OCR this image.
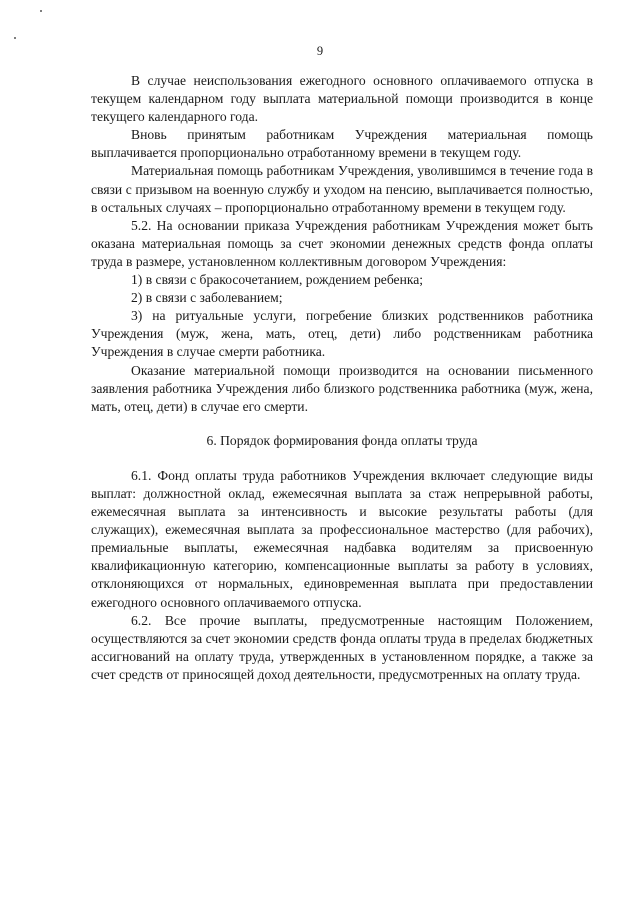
9

В случае неиспользования ежегодного основного оплачиваемого отпуска в текущем календарном году выплата материальной помощи производится в конце текущего календарного года.

Вновь принятым работникам Учреждения материальная помощь выплачивается пропорционально отработанному времени в текущем году.

Материальная помощь работникам Учреждения, уволившимся в течение года в связи с призывом на военную службу и уходом на пенсию, выплачивается полностью, в остальных случаях – пропорционально отработанному времени в текущем году.

5.2. На основании приказа Учреждения работникам Учреждения может быть оказана материальная помощь за счет экономии денежных средств фонда оплаты труда в размере, установленном коллективным договором Учреждения:

1) в связи с бракосочетанием, рождением ребенка;

2) в связи с заболеванием;

3) на ритуальные услуги, погребение близких родственников работника Учреждения (муж, жена, мать, отец, дети) либо родственникам работника Учреждения в случае смерти работника.

Оказание материальной помощи производится на основании письменного заявления работника Учреждения либо близкого родственника работника (муж, жена, мать, отец, дети) в случае его смерти.

6. Порядок формирования фонда оплаты труда

6.1. Фонд оплаты труда работников Учреждения включает следующие виды выплат: должностной оклад, ежемесячная выплата за стаж непрерывной работы, ежемесячная выплата за интенсивность и высокие результаты работы (для служащих), ежемесячная выплата за профессиональное мастерство (для рабочих), премиальные выплаты, ежемесячная надбавка водителям за присвоенную квалификационную категорию, компенсационные выплаты за работу в условиях, отклоняющихся от нормальных, единовременная выплата при предоставлении ежегодного основного оплачиваемого отпуска.

6.2. Все прочие выплаты, предусмотренные настоящим Положением, осуществляются за счет экономии средств фонда оплаты труда в пределах бюджетных ассигнований на оплату труда, утвержденных в установленном порядке, а также за счет средств от приносящей доход деятельности, предусмотренных на оплату труда.
